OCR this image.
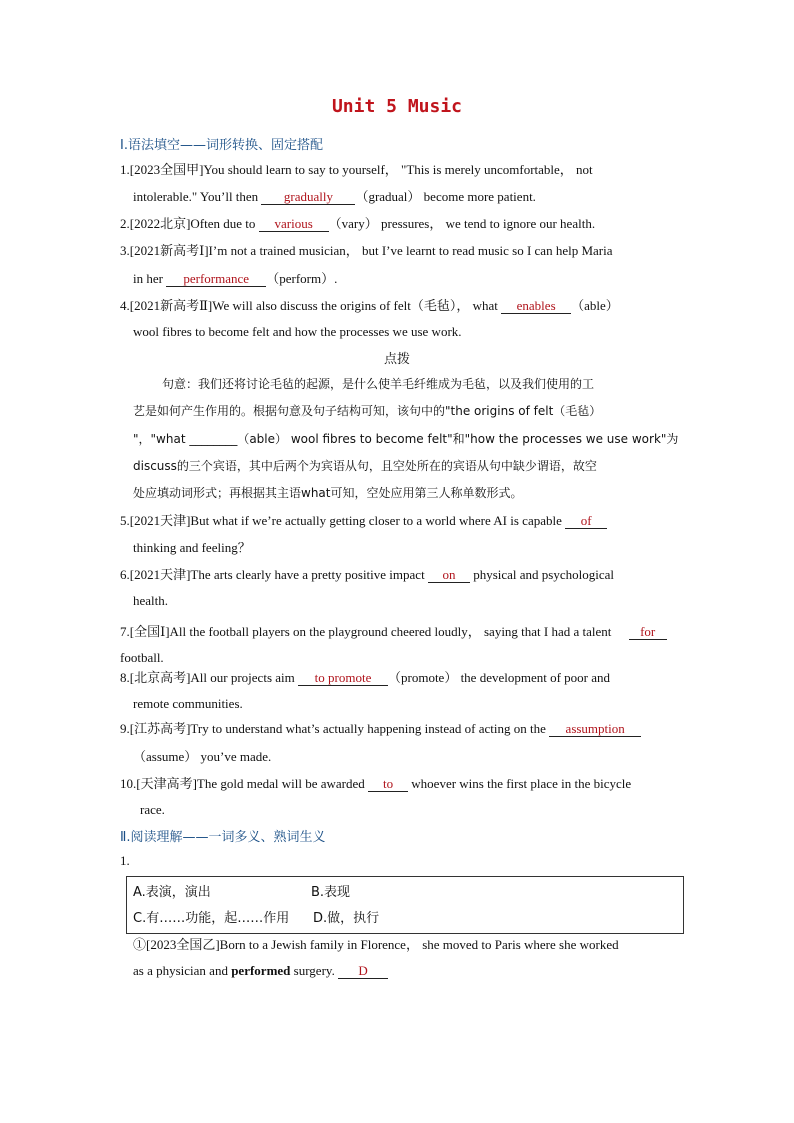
Unit 5 Music
Ⅰ.语法填空——词形转换、固定搭配
1.[2023全国甲]You should learn to say to yourself， "This is merely uncomfortable， not
intolerable." You’ll then gradually （gradual） become more patient.
2.[2022北京]Often due to various （vary） pressures， we tend to ignore our health.
3.[2021新高考Ⅰ]I’m not a trained musician， but I’ve learnt to read music so I can help Maria
in her performance （perform）.
4.[2021新高考Ⅱ]We will also discuss the origins of felt（毛毡）， what enables （able）
wool fibres to become felt and how the processes we use work.
点拨
句意：我们还将讨论毛毡的起源，是什么使羊毛纤维成为毛毡，以及我们使用的工
艺是如何产生作用的。根据句意及句子结构可知，该句中的"the origins of felt（毛毡）
"，"what ________（able） wool fibres to become felt"和"how the processes we use work"为
discuss的三个宾语，其中后两个为宾语从句，且空处所在的宾语从句中缺少谓语，故空
处应填动词形式；再根据其主语what可知，空处应用第三人称单数形式。
5.[2021天津]But what if we’re actually getting closer to a world where AI is capable of
thinking and feeling？
6.[2021天津]The arts clearly have a pretty positive impact on physical and psychological
health.
7.[全国Ⅰ]All the football players on the playground cheered loudly， saying that I had a talent for football.
8.[北京高考]All our projects aim to promote （promote） the development of poor and
remote communities.
9.[江苏高考]Try to understand what’s actually happening instead of acting on the assumption
（assume） you’ve made.
10.[天津高考]The gold medal will be awarded to whoever wins the first place in the bicycle
race.
Ⅱ.阅读理解——一词多义、熟词生义
1.
A.表演，演出	B.表现
C.有……功能，起……作用 D.做，执行
①[2023全国乙]Born to a Jewish family in Florence， she moved to Paris where she worked
as a physician and performed surgery. D
